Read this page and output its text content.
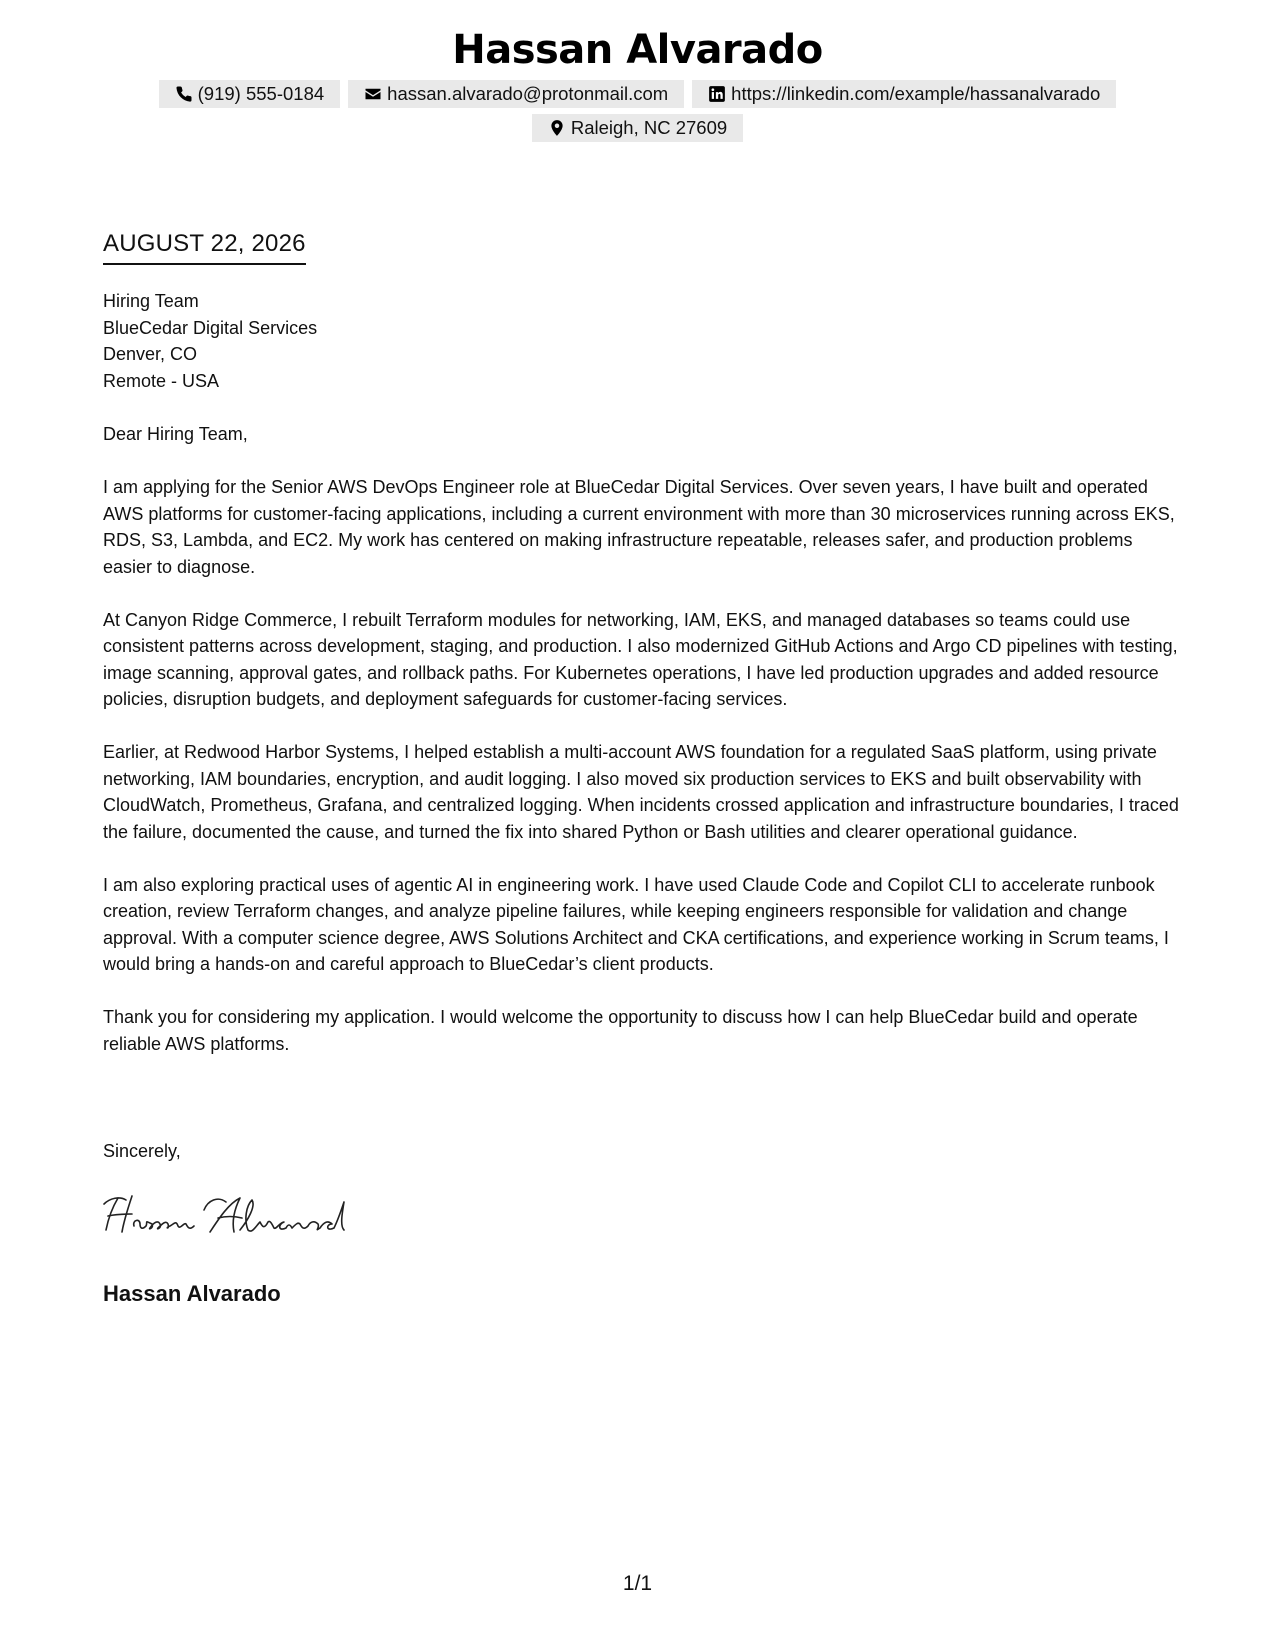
Hassan Alvarado
(919) 555-0184	hassan.alvarado@protonmail.com	https://linkedin.com/example/hassanalvarado
Raleigh, NC 27609
AUGUST 22, 2026
Hiring Team
BlueCedar Digital Services
Denver, CO
Remote - USA
Dear Hiring Team,

I am applying for the Senior AWS DevOps Engineer role at BlueCedar Digital Services. Over seven years, I have built and operated AWS platforms for customer-facing applications, including a current environment with more than 30 microservices running across EKS, RDS, S3, Lambda, and EC2. My work has centered on making infrastructure repeatable, releases safer, and production problems easier to diagnose.

At Canyon Ridge Commerce, I rebuilt Terraform modules for networking, IAM, EKS, and managed databases so teams could use consistent patterns across development, staging, and production. I also modernized GitHub Actions and Argo CD pipelines with testing, image scanning, approval gates, and rollback paths. For Kubernetes operations, I have led production upgrades and added resource policies, disruption budgets, and deployment safeguards for customer-facing services.

Earlier, at Redwood Harbor Systems, I helped establish a multi-account AWS foundation for a regulated SaaS platform, using private networking, IAM boundaries, encryption, and audit logging. I also moved six production services to EKS and built observability with CloudWatch, Prometheus, Grafana, and centralized logging. When incidents crossed application and infrastructure boundaries, I traced the failure, documented the cause, and turned the fix into shared Python or Bash utilities and clearer operational guidance.

I am also exploring practical uses of agentic AI in engineering work. I have used Claude Code and Copilot CLI to accelerate runbook creation, review Terraform changes, and analyze pipeline failures, while keeping engineers responsible for validation and change approval. With a computer science degree, AWS Solutions Architect and CKA certifications, and experience working in Scrum teams, I would bring a hands-on and careful approach to BlueCedar’s client products.

Thank you for considering my application. I would welcome the opportunity to discuss how I can help BlueCedar build and operate reliable AWS platforms.

Sincerely,
Hassan Alvarado
1/1
